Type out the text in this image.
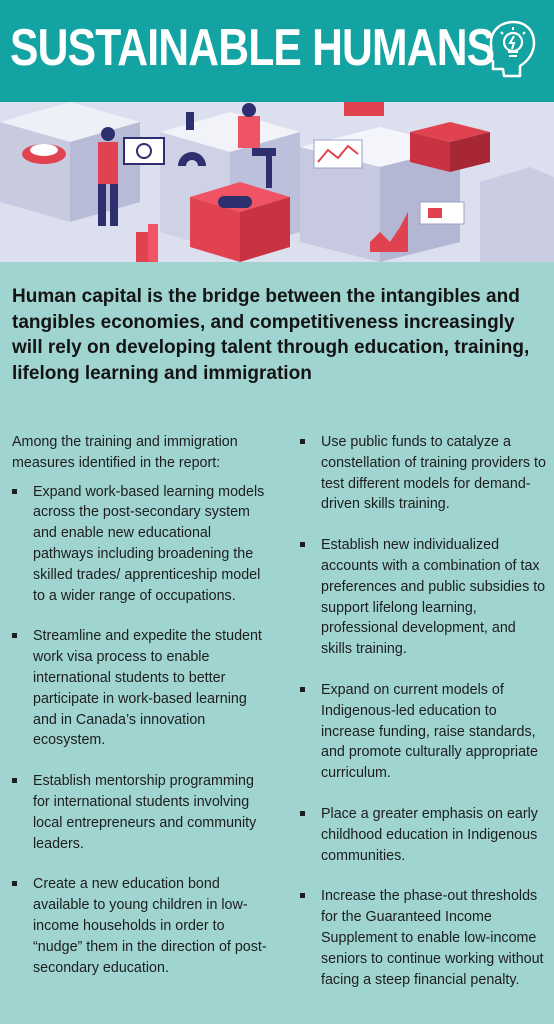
SUSTAINABLE HUMANS
Human capital is the bridge between the intangibles and tangibles economies, and competitiveness increasingly will rely on developing talent through education, training, lifelong learning and immigration

Among the training and immigration measures identified in the report:

Expand work-based learning models across the post-secondary system and enable new educational pathways including broadening the skilled trades/ apprenticeship model to a wider range of occupations.
Streamline and expedite the student work visa process to enable international students to better participate in work-based learning and in Canada’s innovation ecosystem.
Establish mentorship programming for international students involving local entrepreneurs and community leaders.
Create a new education bond available to young children in low-income households in order to “nudge” them in the direction of post-secondary education.
Use public funds to catalyze a constellation of training providers to test different models for demand-driven skills training.
Establish new individualized accounts with a combination of tax preferences and public subsidies to support lifelong learning, professional development, and skills training.
Expand on current models of Indigenous-led education to increase funding, raise standards, and promote culturally appropriate curriculum.
Place a greater emphasis on early childhood education in Indigenous communities.
Increase the phase-out thresholds for the Guaranteed Income Supplement to enable low-income seniors to continue working without facing a steep financial penalty.
